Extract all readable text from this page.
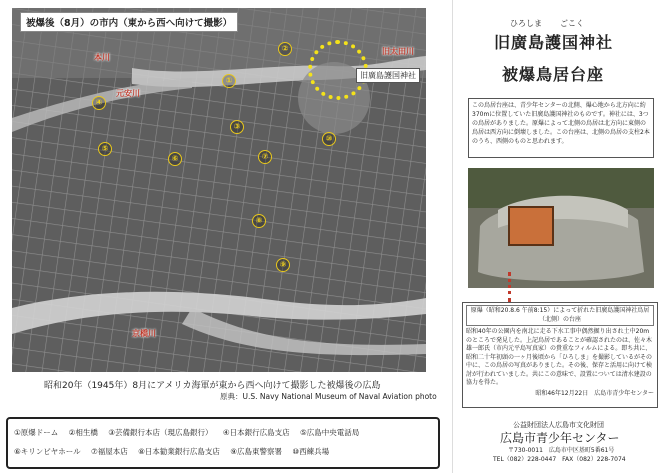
被爆後（8月）の市内（東から西へ向けて撮影）
本川
旧太田川
元安川
京橋川
旧廣島護国神社
①
②
③
④
⑤
⑥	⑦
⑧
⑨
⑩
昭和20年（1945年）8月にアメリカ海軍が東から西へ向けて撮影した被爆後の広島
原典：U.S. Navy National Museum of Naval Aviation photo
①原爆ドーム ②相生橋 ③芸備銀行本店（現広島銀行） ④日本銀行広島支店 ⑤広島中央電話局
⑥キリンビヤホール ⑦福屋本店 ⑧日本勧業銀行広島支店 ⑨広島東警察署 ⑩西練兵場
ひろしま ごこく
旧廣島護国神社
被爆鳥居台座
この鳥居台座は、青少年センターの北側、爆心地から北方向に約370mに位置していた旧廣島護国神社のものです。神社には、3つの鳥居がありました。原爆によって北側の鳥居は北方向に東側の鳥居は西方向に倒壊しました。この台座は、北側の鳥居の支柱2本のうち、西側のものと思われます。
原爆（昭和20.8.6 午前8:15）によって折れた旧廣島護国神社鳥居（北側）の台座
昭和40年の公園内を南北に走る下水工事中偶然掘り出され土中20mのところで発見した。上記鳥居であることが確認されたのは、佐々木雄一郎氏（市内元平島写真家）の貴重なフィルムによる。即ち共に、昭和二十年初頭の一ヶ月後頃から「ひろしま」を撮影しているがその中に、この鳥居の写真がありました。その後、保存と活用に向けて検討が行われていました。共にこの意味で、設置については清水建設の協力を得た。
昭和46年12月22日　広島市青少年センター
公益財団法人広島市文化財団
広島市青少年センター
〒730-0011　広島市中区基町5番61号
TEL（082）228-0447　FAX（082）228-7074
